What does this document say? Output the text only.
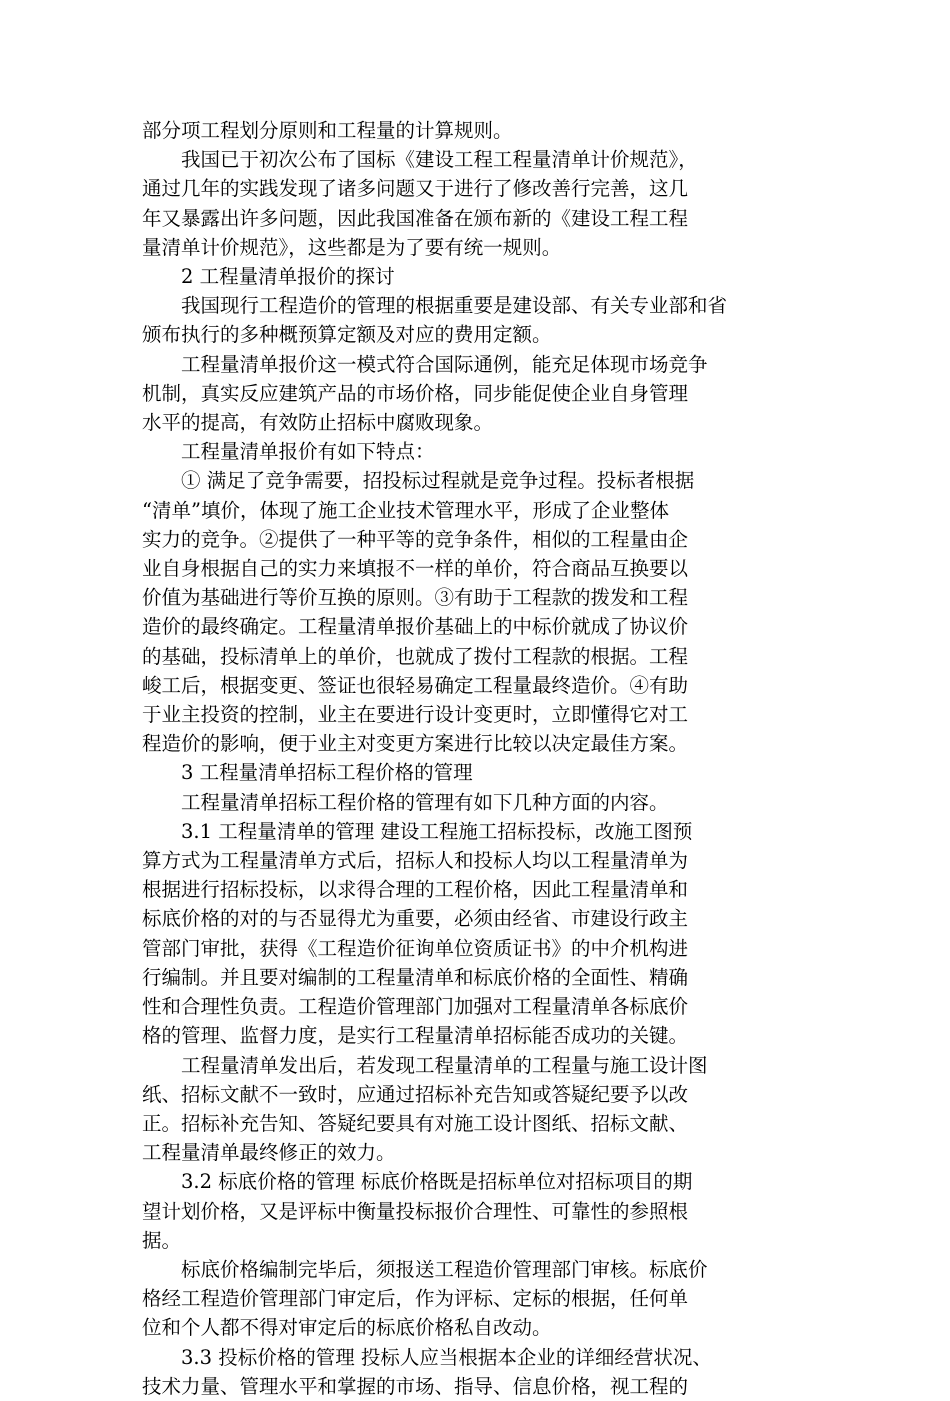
部分项工程划分原则和工程量的计算规则。
我国已于初次公布了国标《建设工程工程量清单计价规范》，
通过几年的实践发现了诸多问题又于进行了修改善行完善，这几
年又暴露出许多问题，因此我国准备在颁布新的《建设工程工程
量清单计价规范》，这些都是为了要有统一规则。
2 工程量清单报价的探讨
我国现行工程造价的管理的根据重要是建设部、有关专业部和省
颁布执行的多种概预算定额及对应的费用定额。
工程量清单报价这一模式符合国际通例，能充足体现市场竞争
机制，真实反应建筑产品的市场价格，同步能促使企业自身管理
水平的提高，有效防止招标中腐败现象。
工程量清单报价有如下特点：
① 满足了竞争需要，招投标过程就是竞争过程。投标者根据
“清单”填价，体现了施工企业技术管理水平，形成了企业整体
实力的竞争。②提供了一种平等的竞争条件，相似的工程量由企
业自身根据自己的实力来填报不一样的单价，符合商品互换要以
价值为基础进行等价互换的原则。③有助于工程款的拨发和工程
造价的最终确定。工程量清单报价基础上的中标价就成了协议价
的基础，投标清单上的单价，也就成了拨付工程款的根据。工程
峻工后，根据变更、签证也很轻易确定工程量最终造价。④有助
于业主投资的控制，业主在要进行设计变更时，立即懂得它对工
程造价的影响，便于业主对变更方案进行比较以决定最佳方案。
3 工程量清单招标工程价格的管理
工程量清单招标工程价格的管理有如下几种方面的内容。
3.1 工程量清单的管理 建设工程施工招标投标，改施工图预
算方式为工程量清单方式后，招标人和投标人均以工程量清单为
根据进行招标投标，以求得合理的工程价格，因此工程量清单和
标底价格的对的与否显得尤为重要，必须由经省、市建设行政主
管部门审批，获得《工程造价征询单位资质证书》的中介机构进
行编制。并且要对编制的工程量清单和标底价格的全面性、精确
性和合理性负责。工程造价管理部门加强对工程量清单各标底价
格的管理、监督力度，是实行工程量清单招标能否成功的关键。
工程量清单发出后，若发现工程量清单的工程量与施工设计图
纸、招标文献不一致时，应通过招标补充告知或答疑纪要予以改
正。招标补充告知、答疑纪要具有对施工设计图纸、招标文献、
工程量清单最终修正的效力。
3.2 标底价格的管理 标底价格既是招标单位对招标项目的期
望计划价格，又是评标中衡量投标报价合理性、可靠性的参照根
据。
标底价格编制完毕后，须报送工程造价管理部门审核。标底价
格经工程造价管理部门审定后，作为评标、定标的根据，任何单
位和个人都不得对审定后的标底价格私自改动。
3.3 投标价格的管理 投标人应当根据本企业的详细经营状况、
技术力量、管理水平和掌握的市场、指导、信息价格，视工程的
